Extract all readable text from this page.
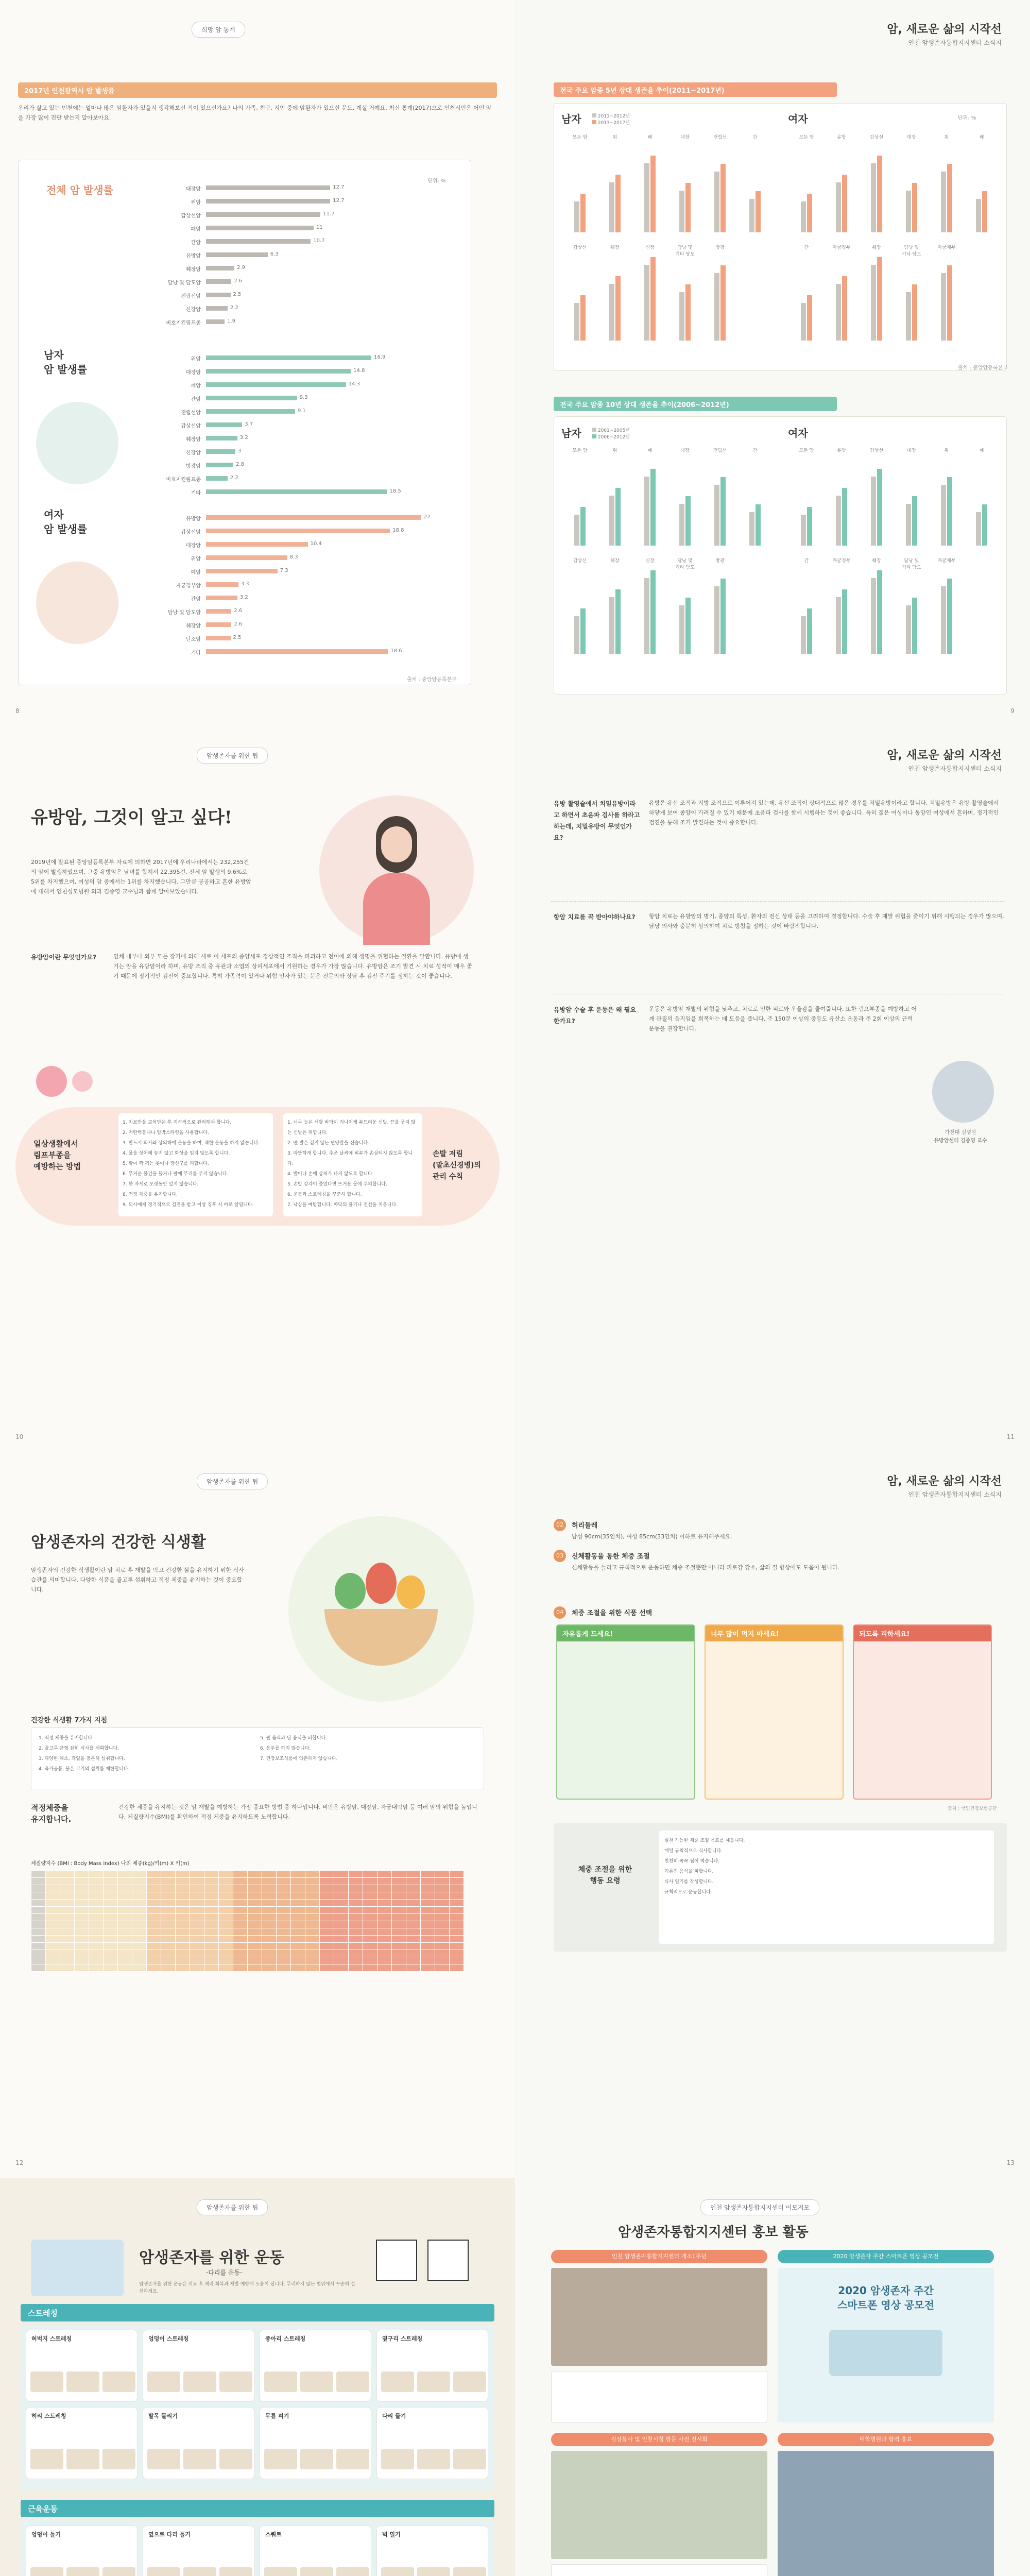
희망 암 통계
2017년 인천광역시 암 발생률
우리가 살고 있는 인천에는 얼마나 많은 암환자가 있을지 생각해보신 적이 있으신가요? 나의 가족, 친구, 지인 중에 암환자가 있으신 분도, 계실 거예요. 최신 통계(2017)으로 인천시민은 어떤 암을 가장 많이 진단 받는지 알아보아요.
단위: %
전체 암 발생률
남자
암 발생률
여자
암 발생률
대장암	12.7
위암	12.7
갑상선암	11.7
폐암	11
간암	10.7
유방암	6.3
췌장암	2.9
담낭 및 담도암	2.6
전립선암	2.5
신장암	2.2
비호지킨림프종	1.9
위암	16.9
대장암	14.8
폐암	14.3
간암	9.3
전립선암	9.1
갑상선암	3.7
췌장암	3.2
신장암	3
방광암	2.8
비호지킨림프종	2.2
기타	18.5
유방암	22
갑상선암	18.8
대장암	10.4
위암	8.3
폐암	7.3
자궁경부암	3.3
간암	3.2
담낭 및 담도암	2.6
췌장암	2.6
난소암	2.5
기타	18.6
출처 : 중앙암등록본부
8
암, 새로운 삶의 시작선
인천 암생존자통합지지센터 소식지
전국 주요 암종 5년 상대 생존율 추이(2011~2017년)
모든 암	위	폐	대장	전립선	간
갑상선	췌장	신장	담낭 및 기타 담도
방광
모든 암	유방	갑상선	대장	위	폐
간	자궁경부	췌장	담낭 및 기타 담도
자궁체부
남자	여자	단위: %
2011~2012년
2013~2017년
출처 : 중앙암등록본부
전국 주요 암종 10년 상대 생존율 추이(2006~2012년)
모든 암	위	폐	대장	전립선	간
갑상선	췌장	신장	담낭 및 기타 담도
방광
모든 암	유방	갑상선	대장	위	폐
간	자궁경부	췌장	담낭 및 기타 담도
자궁체부
남자	여자
2001~2005년
2006~2012년
9
암생존자를 위한 팁
유방암, 그것이 알고 싶다!
2019년에 발표된 중앙암등록본부 자료에 의하면 2017년에 우리나라에서는 232,255건의 암이 발생하였으며, 그중 유방암은 남녀를 합쳐서 22,395건, 전체 암 발생의 9.6%로 5위를 차지했으며, 여성의 암 중에서는 1위를 차지했습니다. 그만큼 공공하고 흔한 유방암에 대해서 인천성모병원 외과 김종영 교수님과 함께 알아보았습니다.
유방암이란 무엇인가요?	인체 내부나 외부 모든 장기에 의해 새로 이 세포의 종양세포 정상적인 조직을 파괴하고 전이에 의해 생명을 위협하는 질환을 말합니다. 유방에 생기는 암을 유방암이라 하며, 유방 조직 중 유관과 소엽의 상피세포에서 기원하는 경우가 가장 많습니다. 유방암은 조기 발견 시 치료 성적이 매우 좋기 때문에 정기적인 검진이 중요합니다. 특히 가족력이 있거나 위험 인자가 있는 분은 전문의와 상담 후 검진 주기를 정하는 것이 좋습니다.
일상생활에서
림프부종을
예방하는 방법
1. 치료받을 교육받은 후 지속적으로 관리해야 합니다.
2. 저탄력붕대나 압박스타킹을 사용합니다.
3. 반드시 의사와 상의하에 운동을 하며, 격한 운동을 하지 않습니다.
4. 물을 상처에 놓지 않고 화상을 입지 않도록 합니다.
5. 팔이 꽉 끼는 옷이나 장신구를 피합니다.
6. 무거운 물건을 들거나 팔에 무리를 주지 않습니다.
7. 한 자세로 오랫동안 있지 않습니다.
8. 적정 체중을 유지합니다.
9. 의사에게 정기적으로 검진을 받고 이상 징후 시 바로 알립니다.
1. 너무 높은 신발 바닥이 지나치게 부드러운 신발, 끈을 묶지 않는 신발은 피합니다.
2. 맨 발은 걷지 않는 면양말을 신습니다.
3. 따뜻하게 합니다. 추운 날씨에 피부가 손상되지 않도록 합니다.
4. 발이나 손에 상처가 나지 않도록 합니다.
5. 손발 감각이 줄었다면 뜨거운 물에 주의합니다.
6. 운동과 스트레칭을 꾸준히 합니다.
7. 낙상을 예방합니다. 바닥의 물기나 전선을 치웁니다.
손발 저림
(말초신경병)의
관리 수칙
10
암, 새로운 삶의 시작선
인천 암생존자통합지지센터 소식지
유방 촬영술에서 치밀유방이라고 하면서 초음파 검사를 하라고 하는데, 치밀유방이 무엇인가요?
유방은 유선 조직과 지방 조직으로 이루어져 있는데, 유선 조직이 상대적으로 많은 경우를 치밀유방이라고 합니다. 치밀유방은 유방 촬영술에서 하얗게 보여 종양이 가려질 수 있기 때문에 초음파 검사를 함께 시행하는 것이 좋습니다. 특히 젊은 여성이나 동양인 여성에서 흔하며, 정기적인 검진을 통해 조기 발견하는 것이 중요합니다.
항암 치료를 꼭 받아야하나요?	항암 치료는 유방암의 병기, 종양의 특성, 환자의 전신 상태 등을 고려하여 결정합니다. 수술 후 재발 위험을 줄이기 위해 시행되는 경우가 많으며, 담당 의사와 충분히 상의하여 치료 방침을 정하는 것이 바람직합니다.
유방암 수술 후 운동은 왜 필요한가요?
운동은 유방암 재발의 위험을 낮추고, 치료로 인한 피로와 우울감을 줄여줍니다. 또한 림프부종을 예방하고 어깨 관절의 움직임을 회복하는 데 도움을 줍니다. 주 150분 이상의 중등도 유산소 운동과 주 2회 이상의 근력 운동을 권장합니다.
가천대 길병원
유방암센터 김종영 교수
11
암생존자를 위한 팁
암생존자의 건강한 식생활
암생존자의 건강한 식생활이란 암 치료 후 재발을 막고 건강한 삶을 유지하기 위한 식사 습관을 의미합니다. 다양한 식품을 골고루 섭취하고 적정 체중을 유지하는 것이 중요합니다.
건강한 식생활 7가지 지침
1. 적정 체중을 유지합니다.
2. 골고루 균형 잡힌 식사를 계획합니다.
3. 다양한 채소, 과일을 충분히 섭취합니다.
4. 육가공품, 붉은 고기의 섭취를 제한합니다.
5. 짠 음식과 탄 음식을 피합니다.
6. 음주를 하지 않습니다.
7. 건강보조식품에 의존하지 않습니다.
적정체중을
유지합니다.
건강한 체중을 유지하는 것은 암 재발을 예방하는 가장 중요한 방법 중 하나입니다. 비만은 유방암, 대장암, 자궁내막암 등 여러 암의 위험을 높입니다. 체질량지수(BMI)를 확인하여 적정 체중을 유지하도록 노력합니다.
체질량지수 (BMI : Body Mass Index) 나의 체중(kg)/키(m) X 키(m)

12
암, 새로운 삶의 시작선
인천 암생존자통합지지센터 소식지
02	허리둘레
남성 90cm(35인치), 여성 85cm(33인치) 이하로 유지해주세요.
03	신체활동을 통한 체중 조절
신체활동을 늘리고 규칙적으로 운동하면 체중 조절뿐만 아니라 피로감 감소, 삶의 질 향상에도 도움이 됩니다.
04	체중 조절을 위한 식품 선택
자유롭게 드세요!	너무 많이 먹지 마세요!	되도록 피하세요!
출처 : 국민건강보험공단
체중 조절을 위한
행동 요령
실천 가능한 체중 조절 목표를 세웁니다.
매일 규칙적으로 식사합니다.
천천히 꼭꼭 씹어 먹습니다.
기름진 음식을 피합니다.
식사 일기를 작성합니다.
규칙적으로 운동합니다.
13
암생존자를 위한 팁
암생존자를 위한 운동
-다리를 운동-
암생존자를 위한 운동은 치료 후 체력 회복과 재발 예방에 도움이 됩니다. 무리하지 않는 범위에서 꾸준히 실천하세요.
스트레칭
허벅지 스트레칭	엉덩이 스트레칭	종아리 스트레칭	옆구리 스트레칭
허리 스트레칭	발목 돌리기	무릎 펴기	다리 들기
근육운동
엉덩이 들기	옆으로 다리 들기	스쿼트	벽 밀기
인천 암생존자통합지지센터 이모저모
암생존자통합지지센터 홍보 활동
인천 암생존자통합지지센터 개소1주년	2020 암생존자 주간 스마트폰 영상 공모전
2020 암생존자 주간
스마트폰 영상 공모전
김장봉사 및 인천시청 방문 사진 전시회	대학병원과 협력 홍보
